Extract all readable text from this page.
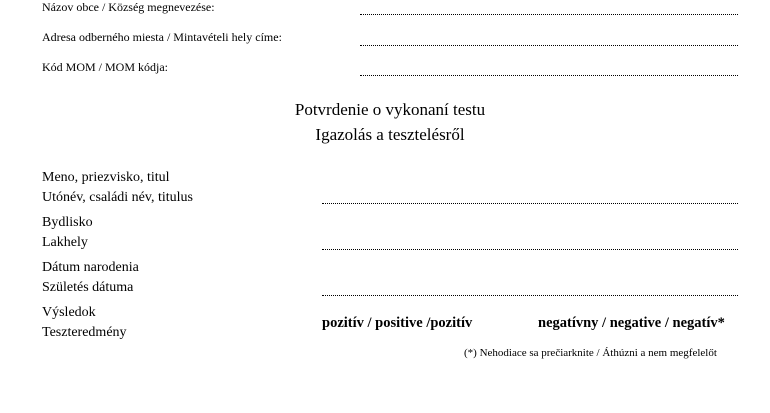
Názov obce / Község megnevezése:
Adresa odberného miesta / Mintavételi hely címe:
Kód MOM / MOM kódja:
Potvrdenie o vykonaní testu
Igazolás a tesztelésről
Meno, priezvisko, titul
Utónév, családi név, titulus
Bydlisko
Lakhely
Dátum narodenia
Születés dátuma
Výsledok
Teszteredmény
pozitív / positive /pozitív	negatívny / negative / negatív*
(*) Nehodiace sa prečiarknite / Áthúzni a nem megfelelőt
